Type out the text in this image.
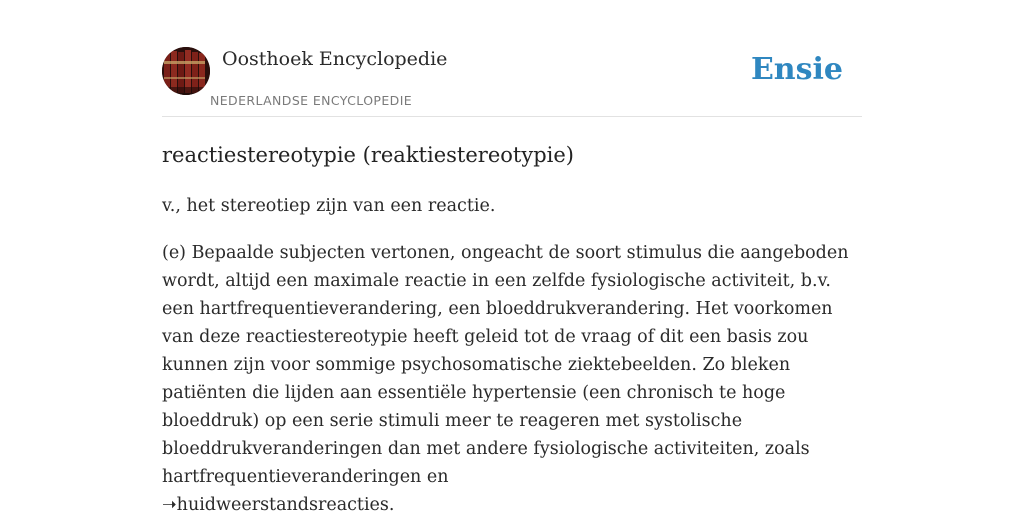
Oosthoek Encyclopedie
NEDERLANDSE ENCYCLOPEDIE
Ensie
reactiestereotypie (reaktiestereotypie)

v., het stereotiep zijn van een reactie.

(e) Bepaalde subjecten vertonen, ongeacht de soort stimulus die aangeboden wordt, altijd een maximale reactie in een zelfde fysiologische activiteit, b.v. een hartfrequentieverandering, een bloeddrukverandering. Het voorkomen van deze reactiestereotypie heeft geleid tot de vraag of dit een basis zou kunnen zijn voor sommige psychosomatische ziektebeelden. Zo bleken patiënten die lijden aan essentiële hypertensie (een chronisch te hoge bloeddruk) op een serie stimuli meer te reageren met systolische bloeddrukveranderingen dan met andere fysiologische activiteiten, zoals hartfrequentieveranderingen en
➝huidweerstandsreacties.
